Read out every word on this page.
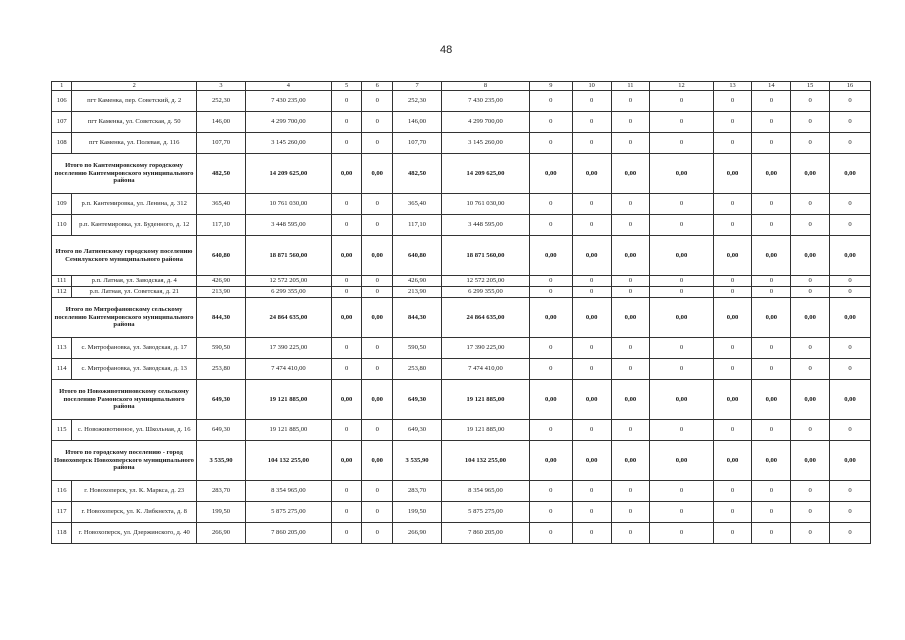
48
1	2	3	4	5	6	7	8	9	10	11	12	13	14	15	16
106	пгт Каменка, пер. Советский, д. 2	252,30	7 430 235,00	0	0	252,30	7 430 235,00	0	0	0	0	0	0	0	0
107	пгт Каменка, ул. Советская, д. 50	146,00	4 299 700,00	0	0	146,00	4 299 700,00	0	0	0	0	0	0	0	0
108	пгт Каменка, ул. Полевая, д. 116	107,70	3 145 260,00	0	0	107,70	3 145 260,00	0	0	0	0	0	0	0	0
Итого по Кантемировскому городскому поселению Кантемировского муниципального района		482,50	14 209 625,00	0,00	0,00	482,50	14 209 625,00	0,00	0,00	0,00	0,00	0,00	0,00	0,00	0,00
109	р.п. Кантемировка, ул. Ленина, д. 312	365,40	10 761 030,00	0	0	365,40	10 761 030,00	0	0	0	0	0	0	0	0
110	р.п. Кантемировка, ул. Буденного, д. 12	117,10	3 448 595,00	0	0	117,10	3 448 595,00	0	0	0	0	0	0	0	0
Итого по Латненскому городскому поселению Семилукского муниципального района		640,80	18 871 560,00	0,00	0,00	640,80	18 871 560,00	0,00	0,00	0,00	0,00	0,00	0,00	0,00	0,00
111	р.п. Латная, ул. Заводская, д. 4	426,90	12 572 205,00	0	0	426,90	12 572 205,00	0	0	0	0	0	0	0	0
112	р.п. Латная, ул. Советская, д. 21	213,90	6 299 355,00	0	0	213,90	6 299 355,00	0	0	0	0	0	0	0	0
Итого по Митрофановскому сельскому поселению Кантемировского муниципального района		844,30	24 864 635,00	0,00	0,00	844,30	24 864 635,00	0,00	0,00	0,00	0,00	0,00	0,00	0,00	0,00
113	с. Митрофановка, ул. Заводская, д. 17	590,50	17 390 225,00	0	0	590,50	17 390 225,00	0	0	0	0	0	0	0	0
114	с. Митрофановка, ул. Заводская, д. 13	253,80	7 474 410,00	0	0	253,80	7 474 410,00	0	0	0	0	0	0	0	0
Итого по Новоживотинновскому сельскому поселению Рамонского муниципального района		649,30	19 121 885,00	0,00	0,00	649,30	19 121 885,00	0,00	0,00	0,00	0,00	0,00	0,00	0,00	0,00
115	с. Новоживотинное, ул. Школьная, д. 16	649,30	19 121 885,00	0	0	649,30	19 121 885,00	0	0	0	0	0	0	0	0
Итого по городскому поселению - город Новохоперск Новохоперского муниципального района		3 535,90	104 132 255,00	0,00	0,00	3 535,90	104 132 255,00	0,00	0,00	0,00	0,00	0,00	0,00	0,00	0,00
116	г. Новохоперск, ул. К. Маркса, д. 23	283,70	8 354 965,00	0	0	283,70	8 354 965,00	0	0	0	0	0	0	0	0
117	г. Новохоперск, ул. К. Либкнехта, д. 8	199,50	5 875 275,00	0	0	199,50	5 875 275,00	0	0	0	0	0	0	0	0
118	г. Новохоперск, ул. Дзержинского, д. 40	266,90	7 860 205,00	0	0	266,90	7 860 205,00	0	0	0	0	0	0	0	0
